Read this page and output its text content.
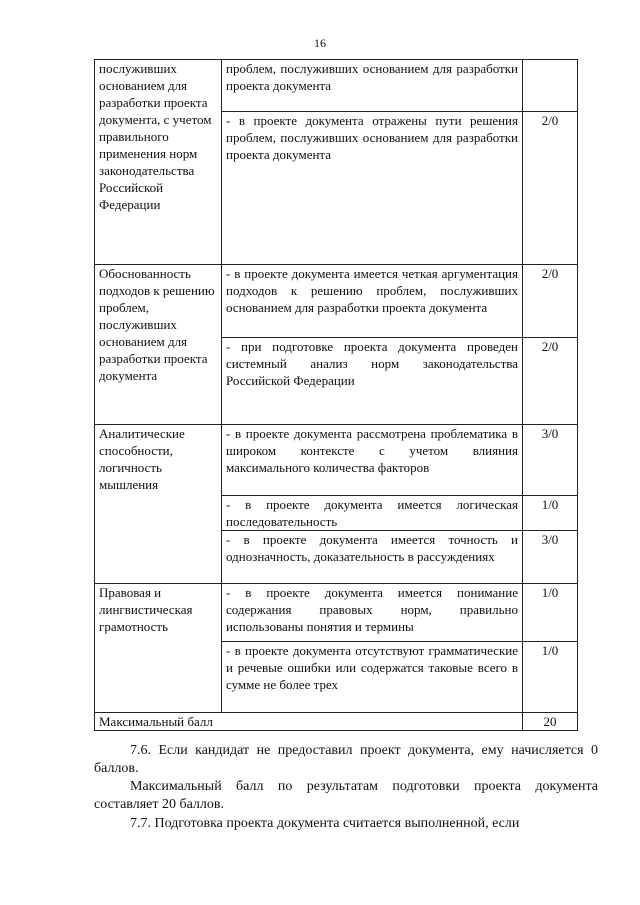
16
послуживших основанием для разработки проекта документа, с учетом правильного применения норм законодательства Российской Федерации	проблем, послуживших основанием для разработки проекта документа	
	- в проекте документа отражены пути решения проблем, послуживших основанием для разработки проекта документа	2/0
Обоснованность подходов к решению проблем, послуживших основанием для разработки проекта документа	- в проекте документа имеется четкая аргументация подходов к решению проблем, послуживших основанием для разработки проекта документа	2/0
	- при подготовке проекта документа проведен системный анализ норм законодательства Российской Федерации	2/0
Аналитические способности, логичность мышления	- в проекте документа рассмотрена проблематика в широком контексте с учетом влияния максимального количества факторов	3/0
	- в проекте документа имеется логическая последовательность	1/0
	- в проекте документа имеется точность и однозначность, доказательность в рассуждениях	3/0
Правовая и лингвистическая грамотность	- в проекте документа имеется понимание содержания правовых норм, правильно использованы понятия и термины	1/0
	- в проекте документа отсутствуют грамматические и речевые ошибки или содержатся таковые всего в сумме не более трех	1/0
Максимальный балл		20

7.6. Если кандидат не предоставил проект документа, ему начисляется 0 баллов.

Максимальный балл по результатам подготовки проекта документа составляет 20 баллов.

7.7. Подготовка проекта документа считается выполненной, если
